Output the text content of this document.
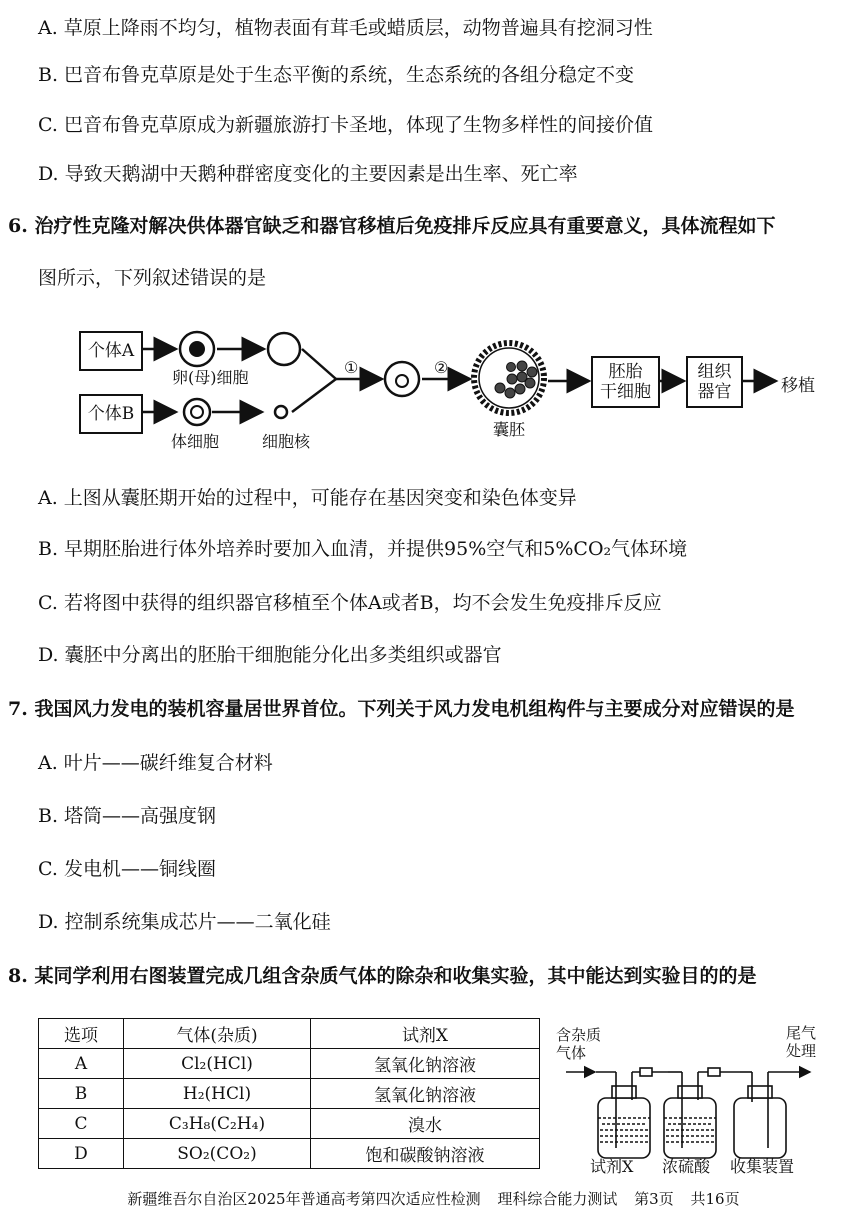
A. 草原上降雨不均匀，植物表面有茸毛或蜡质层，动物普遍具有挖洞习性
B. 巴音布鲁克草原是处于生态平衡的系统，生态系统的各组分稳定不变
C. 巴音布鲁克草原成为新疆旅游打卡圣地，体现了生物多样性的间接价值
D. 导致天鹅湖中天鹅种群密度变化的主要因素是出生率、死亡率
6. 治疗性克隆对解决供体器官缺乏和器官移植后免疫排斥反应具有重要意义，具体流程如下
图所示，下列叙述错误的是
个体A
个体B
胚胎
干细胞
组织
器官
卵(母)细胞
体细胞	细胞核
①	②
囊胚
移植
A. 上图从囊胚期开始的过程中，可能存在基因突变和染色体变异
B. 早期胚胎进行体外培养时要加入血清，并提供95%空气和5%CO₂气体环境
C. 若将图中获得的组织器官移植至个体A或者B，均不会发生免疫排斥反应
D. 囊胚中分离出的胚胎干细胞能分化出多类组织或器官
7. 我国风力发电的装机容量居世界首位。下列关于风力发电机组构件与主要成分对应错误的是
A. 叶片——碳纤维复合材料
B. 塔筒——高强度钢
C. 发电机——铜线圈
D. 控制系统集成芯片——二氧化硅
8. 某同学利用右图装置完成几组含杂质气体的除杂和收集实验，其中能达到实验目的的是
选项	气体(杂质)	试剂X
A	Cl₂(HCl)	氢氧化钠溶液
B	H₂(HCl)	氢氧化钠溶液
C	C₃H₈(C₂H₄)	溴水
D	SO₂(CO₂)	饱和碳酸钠溶液
含杂质
气体
尾气
处理
试剂X 浓硫酸 收集装置
新疆维吾尔自治区2025年普通高考第四次适应性检测 理科综合能力测试 第3页 共16页
